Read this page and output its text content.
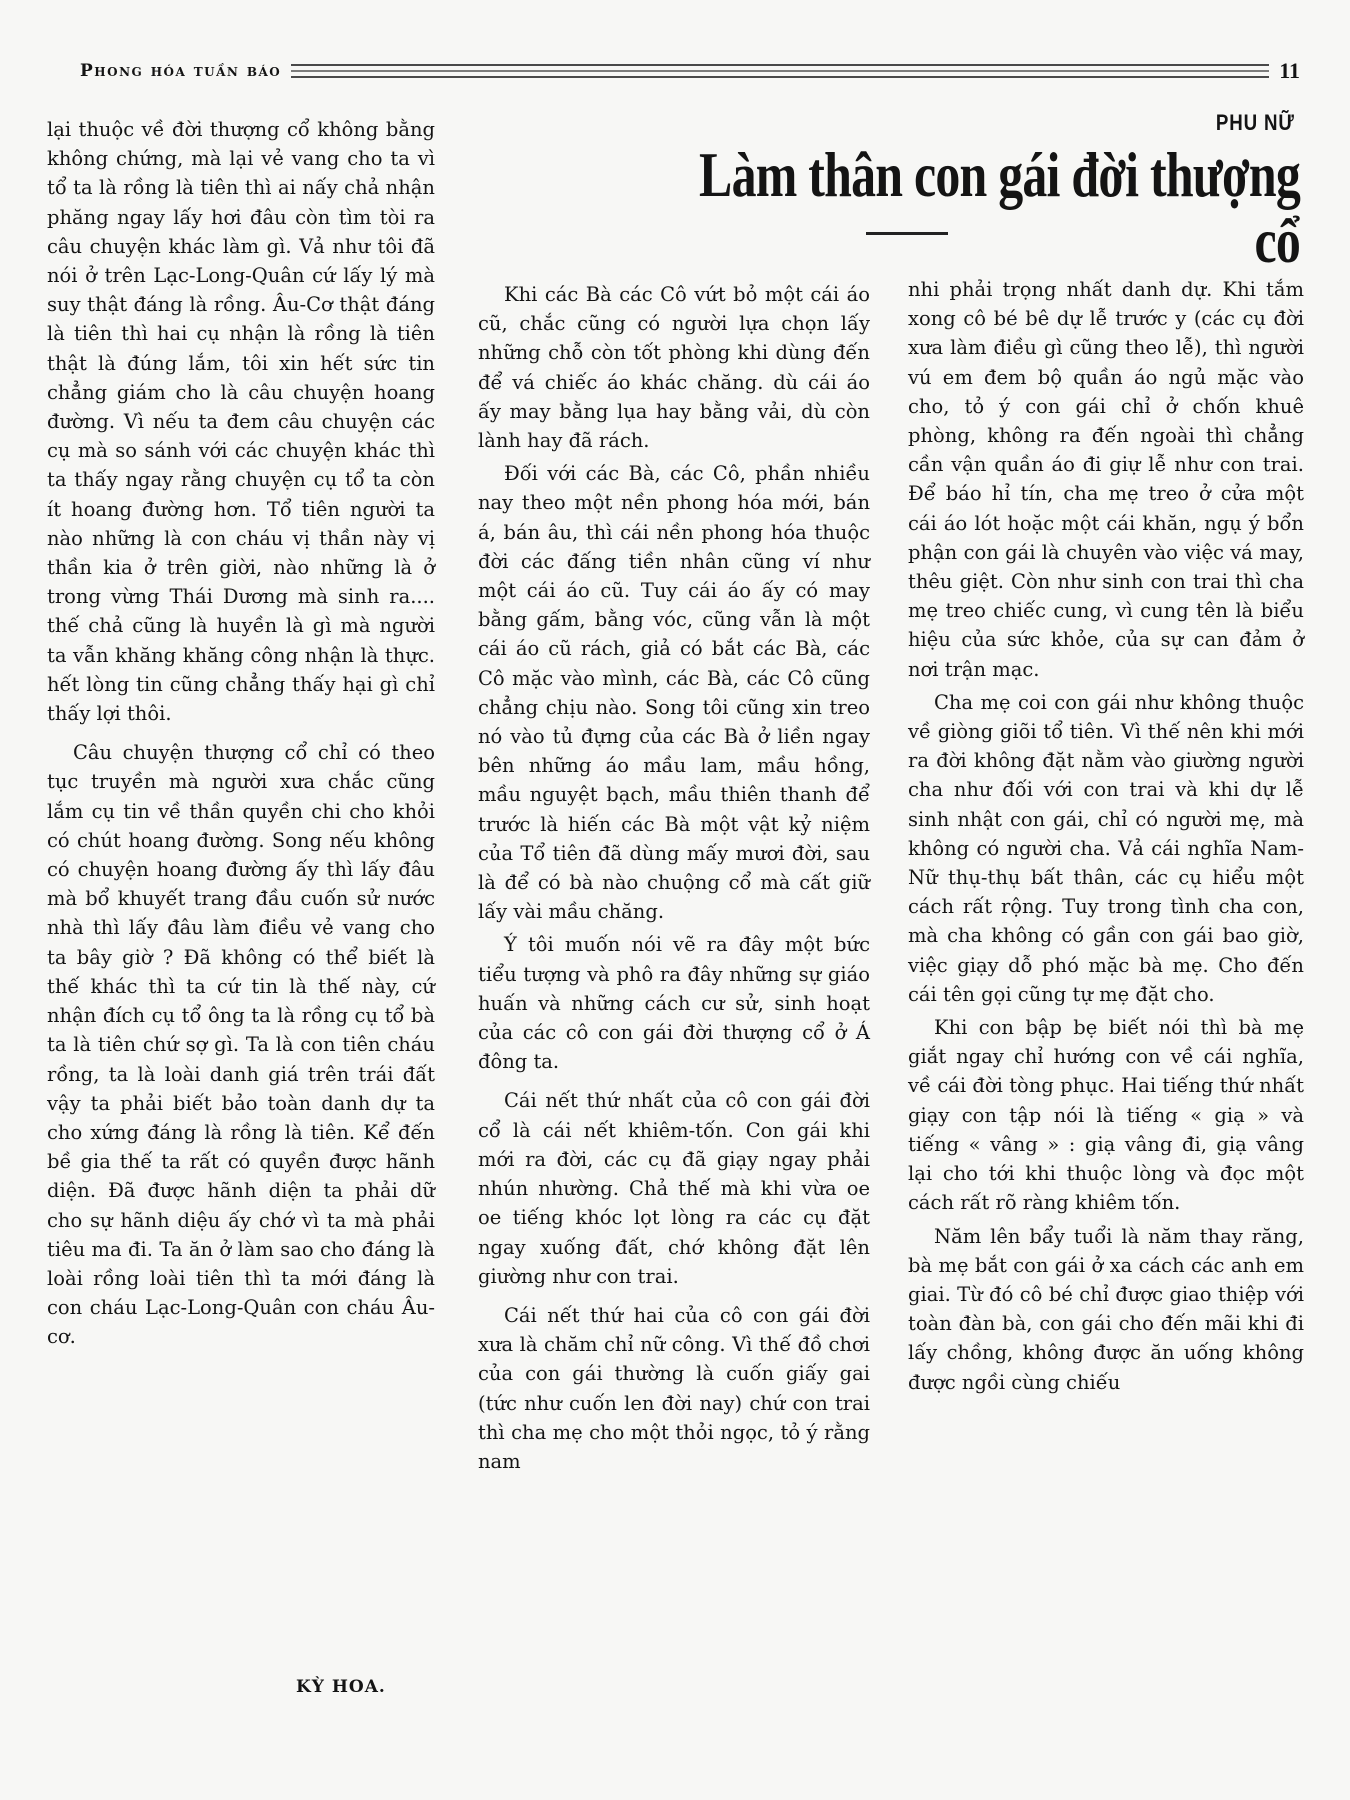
Phong hóa tuần báo	11
PHU NỮ
Làm thân con gái đời thượng cổ

lại thuộc về đời thượng cổ không bằng không chứng, mà lại vẻ vang cho ta vì tổ ta là rồng là tiên thì ai nấy chả nhận phăng ngay lấy hơi đâu còn tìm tòi ra câu chuyện khác làm gì. Vả như tôi đã nói ở trên Lạc-Long-Quân cứ lấy lý mà suy thật đáng là rồng. Âu-Cơ thật đáng là tiên thì hai cụ nhận là rồng là tiên thật là đúng lắm, tôi xin hết sức tin chẳng giám cho là câu chuyện hoang đường. Vì nếu ta đem câu chuyện các cụ mà so sánh với các chuyện khác thì ta thấy ngay rằng chuyện cụ tổ ta còn ít hoang đường hơn. Tổ tiên người ta nào những là con cháu vị thần này vị thần kia ở trên giời, nào những là ở trong vừng Thái Dương mà sinh ra.... thế chả cũng là huyền là gì mà người ta vẫn khăng khăng công nhận là thực. hết lòng tin cũng chẳng thấy hại gì chỉ thấy lợi thôi.

Câu chuyện thượng cổ chỉ có theo tục truyền mà người xưa chắc cũng lắm cụ tin về thần quyền chi cho khỏi có chút hoang đường. Song nếu không có chuyện hoang đường ấy thì lấy đâu mà bổ khuyết trang đầu cuốn sử nước nhà thì lấy đâu làm điều vẻ vang cho ta bây giờ ? Đã không có thể biết là thế khác thì ta cứ tin là thế này, cứ nhận đích cụ tổ ông ta là rồng cụ tổ bà ta là tiên chứ sợ gì. Ta là con tiên cháu rồng, ta là loài danh giá trên trái đất vậy ta phải biết bảo toàn danh dự ta cho xứng đáng là rồng là tiên. Kể đến bề gia thế ta rất có quyền được hãnh diện. Đã được hãnh diện ta phải dữ cho sự hãnh diệu ấy chớ vì ta mà phải tiêu ma đi. Ta ăn ở làm sao cho đáng là loài rồng loài tiên thì ta mới đáng là con cháu Lạc-Long-Quân con cháu Âu-cơ.

KỲ HOA.

Khi các Bà các Cô vứt bỏ một cái áo cũ, chắc cũng có người lựa chọn lấy những chỗ còn tốt phòng khi dùng đến để vá chiếc áo khác chăng. dù cái áo ấy may bằng lụa hay bằng vải, dù còn lành hay đã rách.

Đối với các Bà, các Cô, phần nhiều nay theo một nền phong hóa mới, bán á, bán âu, thì cái nền phong hóa thuộc đời các đấng tiền nhân cũng ví như một cái áo cũ. Tuy cái áo ấy có may bằng gấm, bằng vóc, cũng vẫn là một cái áo cũ rách, giả có bắt các Bà, các Cô mặc vào mình, các Bà, các Cô cũng chẳng chịu nào. Song tôi cũng xin treo nó vào tủ đựng của các Bà ở liền ngay bên những áo mầu lam, mầu hồng, mầu nguyệt bạch, mầu thiên thanh để trước là hiến các Bà một vật kỷ niệm của Tổ tiên đã dùng mấy mươi đời, sau là để có bà nào chuộng cổ mà cất giữ lấy vài mầu chăng.

Ý tôi muốn nói vẽ ra đây một bức tiểu tượng và phô ra đây những sự giáo huấn và những cách cư sử, sinh hoạt của các cô con gái đời thượng cổ ở Á đông ta.

Cái nết thứ nhất của cô con gái đời cổ là cái nết khiêm-tốn. Con gái khi mới ra đời, các cụ đã giạy ngay phải nhún nhường. Chả thế mà khi vừa oe oe tiếng khóc lọt lòng ra các cụ đặt ngay xuống đất, chớ không đặt lên giường như con trai.

Cái nết thứ hai của cô con gái đời xưa là chăm chỉ nữ công. Vì thế đồ chơi của con gái thường là cuốn giấy gai (tức như cuốn len đời nay) chứ con trai thì cha mẹ cho một thỏi ngọc, tỏ ý rằng nam

nhi phải trọng nhất danh dự. Khi tắm xong cô bé bê dự lễ trước y (các cụ đời xưa làm điều gì cũng theo lễ), thì người vú em đem bộ quần áo ngủ mặc vào cho, tỏ ý con gái chỉ ở chốn khuê phòng, không ra đến ngoài thì chẳng cần vận quần áo đi giự lễ như con trai. Để báo hỉ tín, cha mẹ treo ở cửa một cái áo lót hoặc một cái khăn, ngụ ý bổn phận con gái là chuyên vào việc vá may, thêu giệt. Còn như sinh con trai thì cha mẹ treo chiếc cung, vì cung tên là biểu hiệu của sức khỏe, của sự can đảm ở nơi trận mạc.

Cha mẹ coi con gái như không thuộc về giòng giõi tổ tiên. Vì thế nên khi mới ra đời không đặt nằm vào giường người cha như đối với con trai và khi dự lễ sinh nhật con gái, chỉ có người mẹ, mà không có người cha. Vả cái nghĩa Nam-Nữ thụ-thụ bất thân, các cụ hiểu một cách rất rộng. Tuy trong tình cha con, mà cha không có gần con gái bao giờ, việc giạy dỗ phó mặc bà mẹ. Cho đến cái tên gọi cũng tự mẹ đặt cho.

Khi con bập bẹ biết nói thì bà mẹ giắt ngay chỉ hướng con về cái nghĩa, về cái đời tòng phục. Hai tiếng thứ nhất giạy con tập nói là tiếng « giạ » và tiếng « vâng » : giạ vâng đi, giạ vâng lại cho tới khi thuộc lòng và đọc một cách rất rõ ràng khiêm tốn.

Năm lên bẩy tuổi là năm thay răng, bà mẹ bắt con gái ở xa cách các anh em giai. Từ đó cô bé chỉ được giao thiệp với toàn đàn bà, con gái cho đến mãi khi đi lấy chồng, không được ăn uống không được ngồi cùng chiếu
